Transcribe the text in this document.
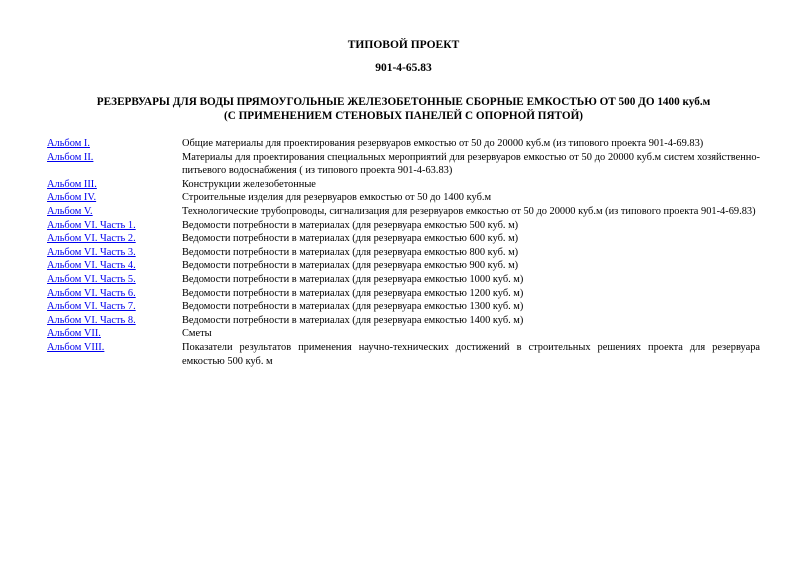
ТИПОВОЙ ПРОЕКТ
901-4-65.83
РЕЗЕРВУАРЫ ДЛЯ ВОДЫ ПРЯМОУГОЛЬНЫЕ ЖЕЛЕЗОБЕТОННЫЕ СБОРНЫЕ ЕМКОСТЬЮ ОТ 500 ДО 1400 куб.м
(С ПРИМЕНЕНИЕМ СТЕНОВЫХ ПАНЕЛЕЙ С ОПОРНОЙ ПЯТОЙ)
Альбом I.	Общие материалы для проектирования резервуаров емкостью от 50 до 20000 куб.м (из типового проекта 901-4-69.83)
Альбом II.	Материалы для проектирования специальных мероприятий для резервуаров емкостью от 50 до 20000 куб.м систем хозяйственно-питьевого водоснабжения ( из типового проекта 901-4-63.83)
Альбом III.	Конструкции железобетонные
Альбом IV.	Строительные изделия для резервуаров емкостью от 50 до 1400 куб.м
Альбом V.	Технологические трубопроводы, сигнализация для резервуаров емкостью от 50 до 20000 куб.м (из типового проекта 901-4-69.83)
Альбом VI. Часть 1.	Ведомости потребности в материалах (для резервуара емкостью 500 куб. м)
Альбом VI. Часть 2.	Ведомости потребности в материалах (для резервуара емкостью 600 куб. м)
Альбом VI. Часть 3.	Ведомости потребности в материалах (для резервуара емкостью 800 куб. м)
Альбом VI. Часть 4.	Ведомости потребности в материалах (для резервуара емкостью 900 куб. м)
Альбом VI. Часть 5.	Ведомости потребности в материалах (для резервуара емкостью 1000 куб. м)
Альбом VI. Часть 6.	Ведомости потребности в материалах (для резервуара емкостью 1200 куб. м)
Альбом VI. Часть 7.	Ведомости потребности в материалах (для резервуара емкостью 1300 куб. м)
Альбом VI. Часть 8.	Ведомости потребности в материалах (для резервуара емкостью 1400 куб. м)
Альбом VII.	Сметы
Альбом VIII.	Показатели результатов применения научно-технических достижений в строительных решениях проекта для резервуара емкостью 500 куб. м
